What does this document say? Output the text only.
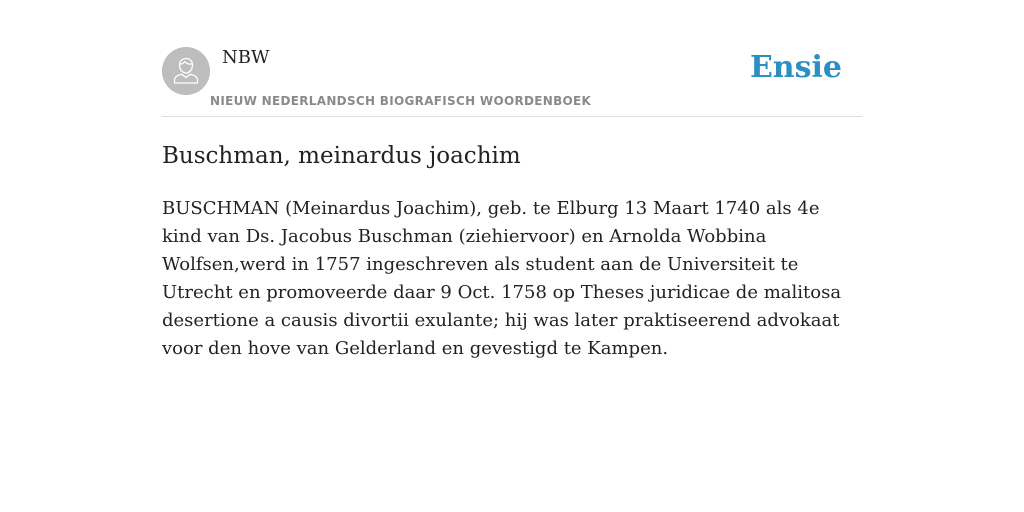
NBW
NIEUW NEDERLANDSCH BIOGRAFISCH WOORDENBOEK
Ensie
Buschman, meinardus joachim

BUSCHMAN (Meinardus Joachim), geb. te Elburg 13 Maart 1740 als 4e kind van Ds. Jacobus Buschman (ziehiervoor) en Arnolda Wobbina Wolfsen,werd in 1757 ingeschreven als student aan de Universiteit te Utrecht en promoveerde daar 9 Oct. 1758 op Theses juridicae de malitosa desertione a causis divortii exulante; hij was later praktiseerend advokaat voor den hove van Gelderland en gevestigd te Kampen.
